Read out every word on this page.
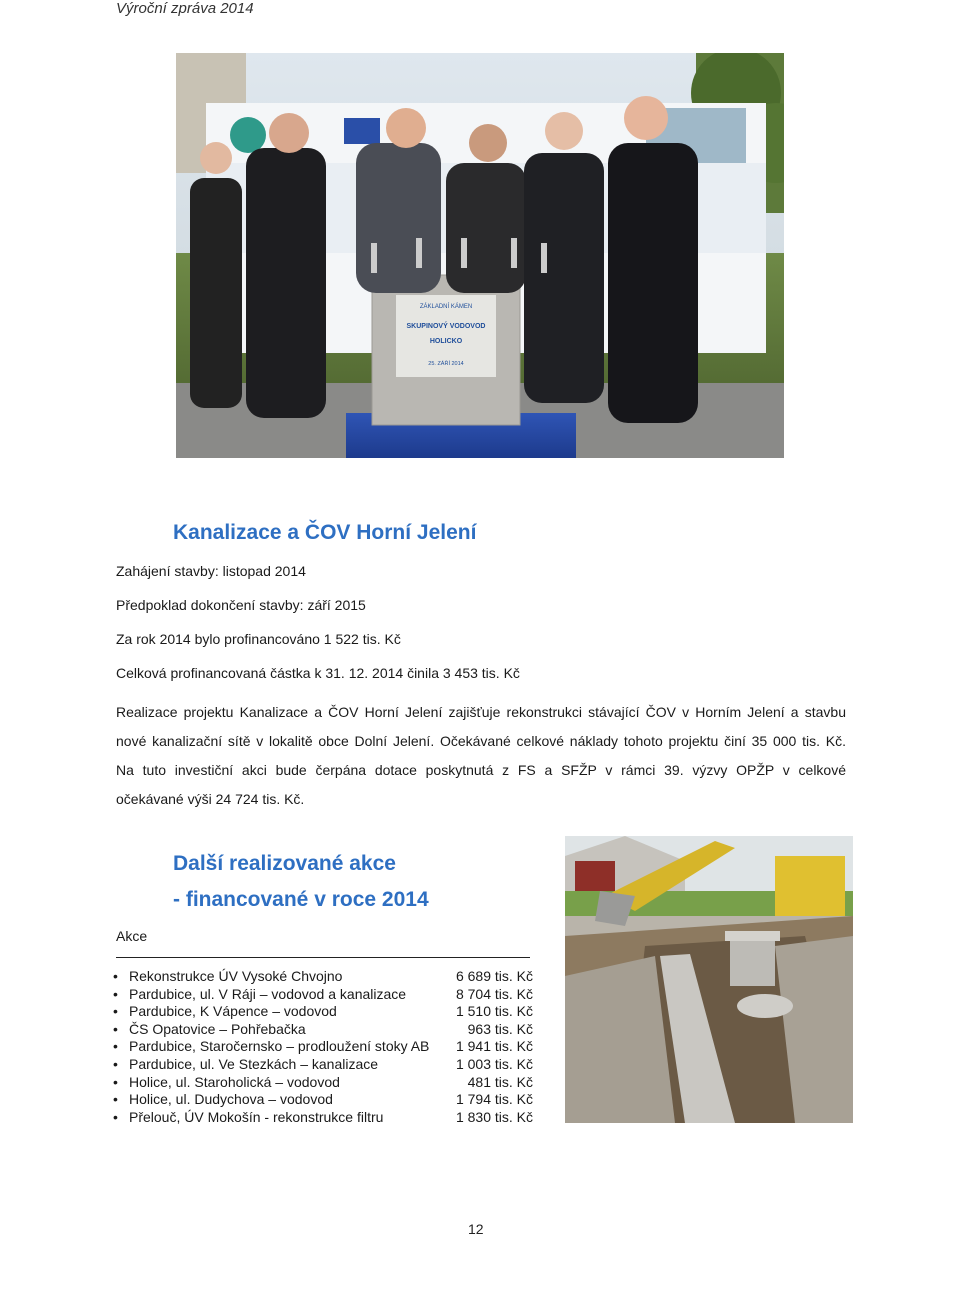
Výroční zpráva 2014
ZÁKLADNÍ KÁMEN
SKUPINOVÝ VODOVOD
HOLICKO
25. ZÁŘÍ 2014
Kanalizace a ČOV Horní Jelení
Zahájení stavby: listopad 2014
Předpoklad dokončení stavby: září 2015
Za rok 2014 bylo profinancováno 1 522 tis. Kč
Celková profinancovaná částka k 31. 12. 2014 činila 3 453 tis. Kč
Realizace projektu Kanalizace a ČOV Horní Jelení zajišťuje rekonstrukci stávající ČOV v Horním Jelení a stavbu
nové kanalizační sítě v lokalitě obce Dolní Jelení. Očekávané celkové náklady tohoto projektu činí 35 000 tis. Kč.
Na tuto investiční akci bude čerpána dotace poskytnutá z FS a SFŽP v rámci 39. výzvy OPŽP v celkové
očekávané výši 24 724 tis. Kč.
Další realizované akce
- financované v roce 2014
Akce
• Rekonstrukce ÚV Vysoké Chvojno	6 689 tis. Kč
• Pardubice, ul. V Ráji – vodovod a kanalizace	8 704 tis. Kč
• Pardubice, K Vápence – vodovod	1 510 tis. Kč
• ČS Opatovice – Pohřebačka	963 tis. Kč
• Pardubice, Staročernsko – prodloužení stoky AB	1 941 tis. Kč
• Pardubice, ul. Ve Stezkách – kanalizace	1 003 tis. Kč
• Holice, ul. Staroholická – vodovod	481 tis. Kč
• Holice, ul. Dudychova – vodovod	1 794 tis. Kč
• Přelouč, ÚV Mokošín - rekonstrukce filtru	1 830 tis. Kč
12
